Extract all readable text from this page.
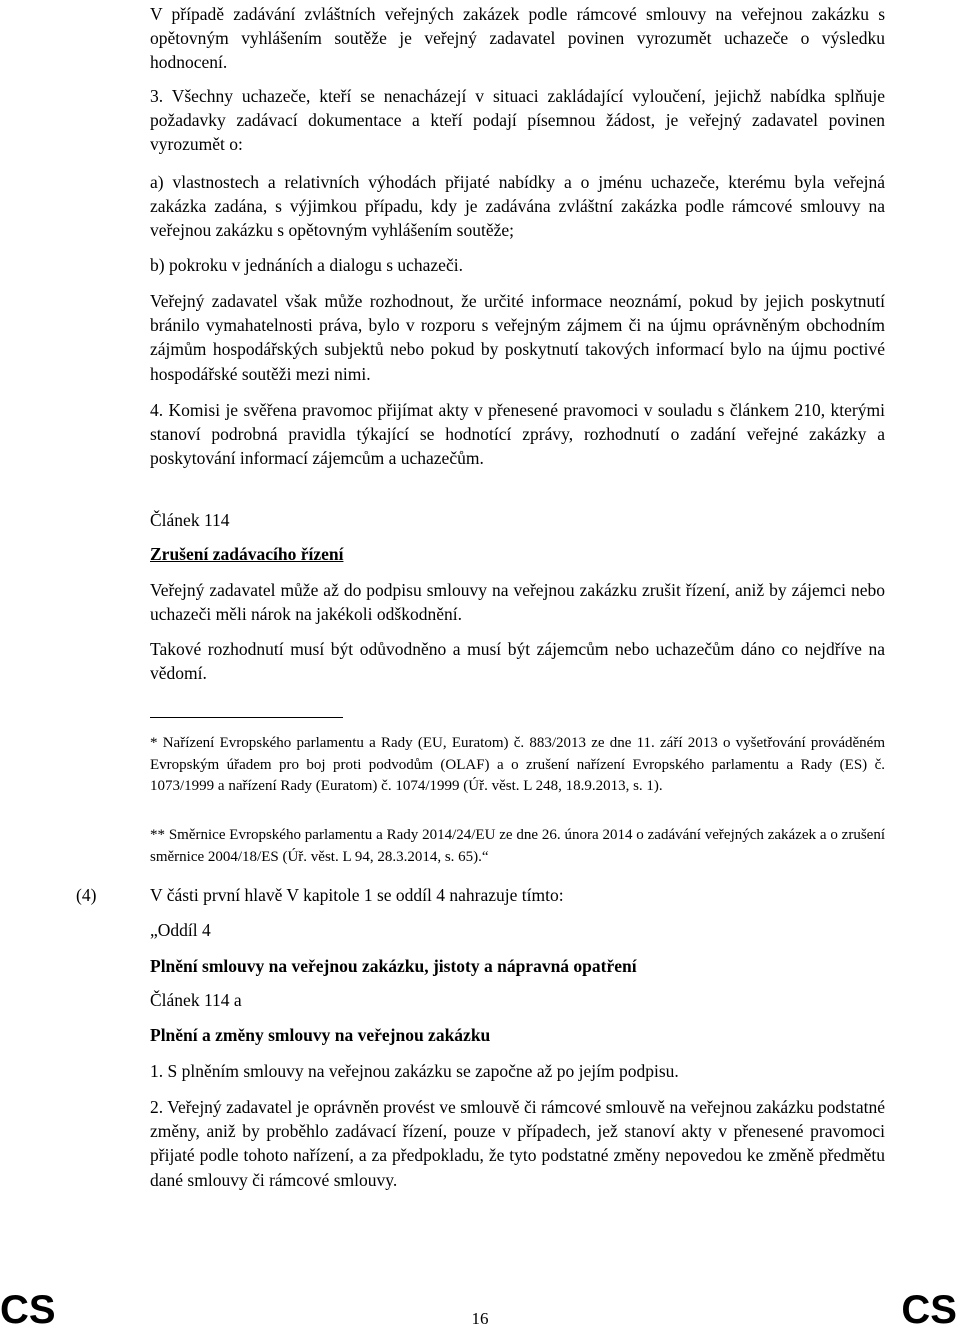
V případě zadávání zvláštních veřejných zakázek podle rámcové smlouvy na veřejnou zakázku s opětovným vyhlášením soutěže je veřejný zadavatel povinen vyrozumět uchazeče o výsledku hodnocení.

3. Všechny uchazeče, kteří se nenacházejí v situaci zakládající vyloučení, jejichž nabídka splňuje požadavky zadávací dokumentace a kteří podají písemnou žádost, je veřejný zadavatel povinen vyrozumět o:

a) vlastnostech a relativních výhodách přijaté nabídky a o jménu uchazeče, kterému byla veřejná zakázka zadána, s výjimkou případu, kdy je zadávána zvláštní zakázka podle rámcové smlouvy na veřejnou zakázku s opětovným vyhlášením soutěže;

b) pokroku v jednáních a dialogu s uchazeči.

Veřejný zadavatel však může rozhodnout, že určité informace neoznámí, pokud by jejich poskytnutí bránilo vymahatelnosti práva, bylo v rozporu s veřejným zájmem či na újmu oprávněným obchodním zájmům hospodářských subjektů nebo pokud by poskytnutí takových informací bylo na újmu poctivé hospodářské soutěži mezi nimi.

4. Komisi je svěřena pravomoc přijímat akty v přenesené pravomoci v souladu s článkem 210, kterými stanoví podrobná pravidla týkající se hodnotící zprávy, rozhodnutí o zadání veřejné zakázky a poskytování informací zájemcům a uchazečům.

Článek 114

Zrušení zadávacího řízení

Veřejný zadavatel může až do podpisu smlouvy na veřejnou zakázku zrušit řízení, aniž by zájemci nebo uchazeči měli nárok na jakékoli odškodnění.

Takové rozhodnutí musí být odůvodněno a musí být zájemcům nebo uchazečům dáno co nejdříve na vědomí.

* Nařízení Evropského parlamentu a Rady (EU, Euratom) č. 883/2013 ze dne 11. září 2013 o vyšetřování prováděném Evropským úřadem pro boj proti podvodům (OLAF) a o zrušení nařízení Evropského parlamentu a Rady (ES) č. 1073/1999 a nařízení Rady (Euratom) č. 1074/1999 (Úř. věst. L 248, 18.9.2013, s. 1).

** Směrnice Evropského parlamentu a Rady 2014/24/EU ze dne 26. února 2014 o zadávání veřejných zakázek a o zrušení směrnice 2004/18/ES (Úř. věst. L 94, 28.3.2014, s. 65).“

(4)	V části první hlavě V kapitole 1 se oddíl 4 nahrazuje tímto:

„Oddíl 4

Plnění smlouvy na veřejnou zakázku, jistoty a nápravná opatření

Článek 114 a

Plnění a změny smlouvy na veřejnou zakázku

1. S plněním smlouvy na veřejnou zakázku se započne až po jejím podpisu.

2. Veřejný zadavatel je oprávněn provést ve smlouvě či rámcové smlouvě na veřejnou zakázku podstatné změny, aniž by proběhlo zadávací řízení, pouze v případech, jež stanoví akty v přenesené pravomoci přijaté podle tohoto nařízení, a za předpokladu, že tyto podstatné změny nepovedou ke změně předmětu dané smlouvy či rámcové smlouvy.

CS	16	CS
